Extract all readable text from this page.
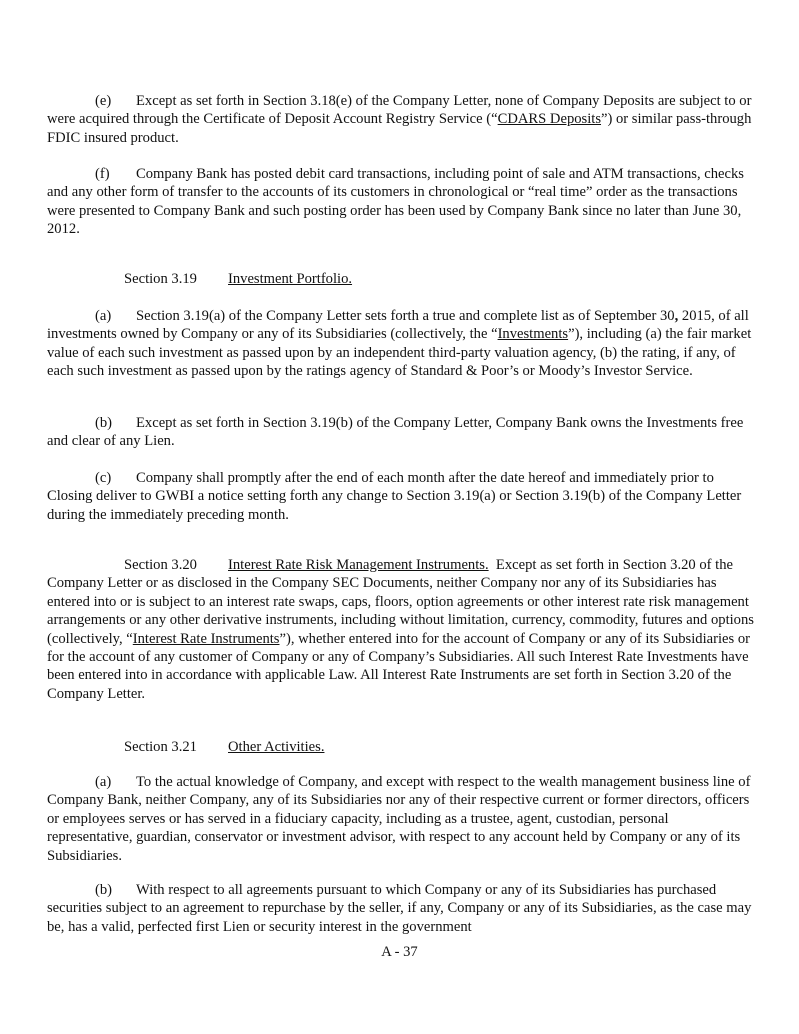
(e) Except as set forth in Section 3.18(e) of the Company Letter, none of Company Deposits are subject to or were acquired through the Certificate of Deposit Account Registry Service (“CDARS Deposits”) or similar pass-through FDIC insured product.

(f) Company Bank has posted debit card transactions, including point of sale and ATM transactions, checks and any other form of transfer to the accounts of its customers in chronological or “real time” order as the transactions were presented to Company Bank and such posting order has been used by Company Bank since no later than June 30, 2012.

Section 3.19 Investment Portfolio.

(a) Section 3.19(a) of the Company Letter sets forth a true and complete list as of September 30, 2015, of all investments owned by Company or any of its Subsidiaries (collectively, the “Investments”), including (a) the fair market value of each such investment as passed upon by an independent third-party valuation agency, (b) the rating, if any, of each such investment as passed upon by the ratings agency of Standard & Poor’s or Moody’s Investor Service.

(b) Except as set forth in Section 3.19(b) of the Company Letter, Company Bank owns the Investments free and clear of any Lien.

(c) Company shall promptly after the end of each month after the date hereof and immediately prior to Closing deliver to GWBI a notice setting forth any change to Section 3.19(a) or Section 3.19(b) of the Company Letter during the immediately preceding month.

Section 3.20 Interest Rate Risk Management Instruments. Except as set forth in Section 3.20 of the Company Letter or as disclosed in the Company SEC Documents, neither Company nor any of its Subsidiaries has entered into or is subject to an interest rate swaps, caps, floors, option agreements or other interest rate risk management arrangements or any other derivative instruments, including without limitation, currency, commodity, futures and options (collectively, “Interest Rate Instruments”), whether entered into for the account of Company or any of its Subsidiaries or for the account of any customer of Company or any of Company’s Subsidiaries. All such Interest Rate Investments have been entered into in accordance with applicable Law. All Interest Rate Instruments are set forth in Section 3.20 of the Company Letter.

Section 3.21 Other Activities.

(a) To the actual knowledge of Company, and except with respect to the wealth management business line of Company Bank, neither Company, any of its Subsidiaries nor any of their respective current or former directors, officers or employees serves or has served in a fiduciary capacity, including as a trustee, agent, custodian, personal representative, guardian, conservator or investment advisor, with respect to any account held by Company or any of its Subsidiaries.

(b) With respect to all agreements pursuant to which Company or any of its Subsidiaries has purchased securities subject to an agreement to repurchase by the seller, if any, Company or any of its Subsidiaries, as the case may be, has a valid, perfected first Lien or security interest in the government

A - 37
